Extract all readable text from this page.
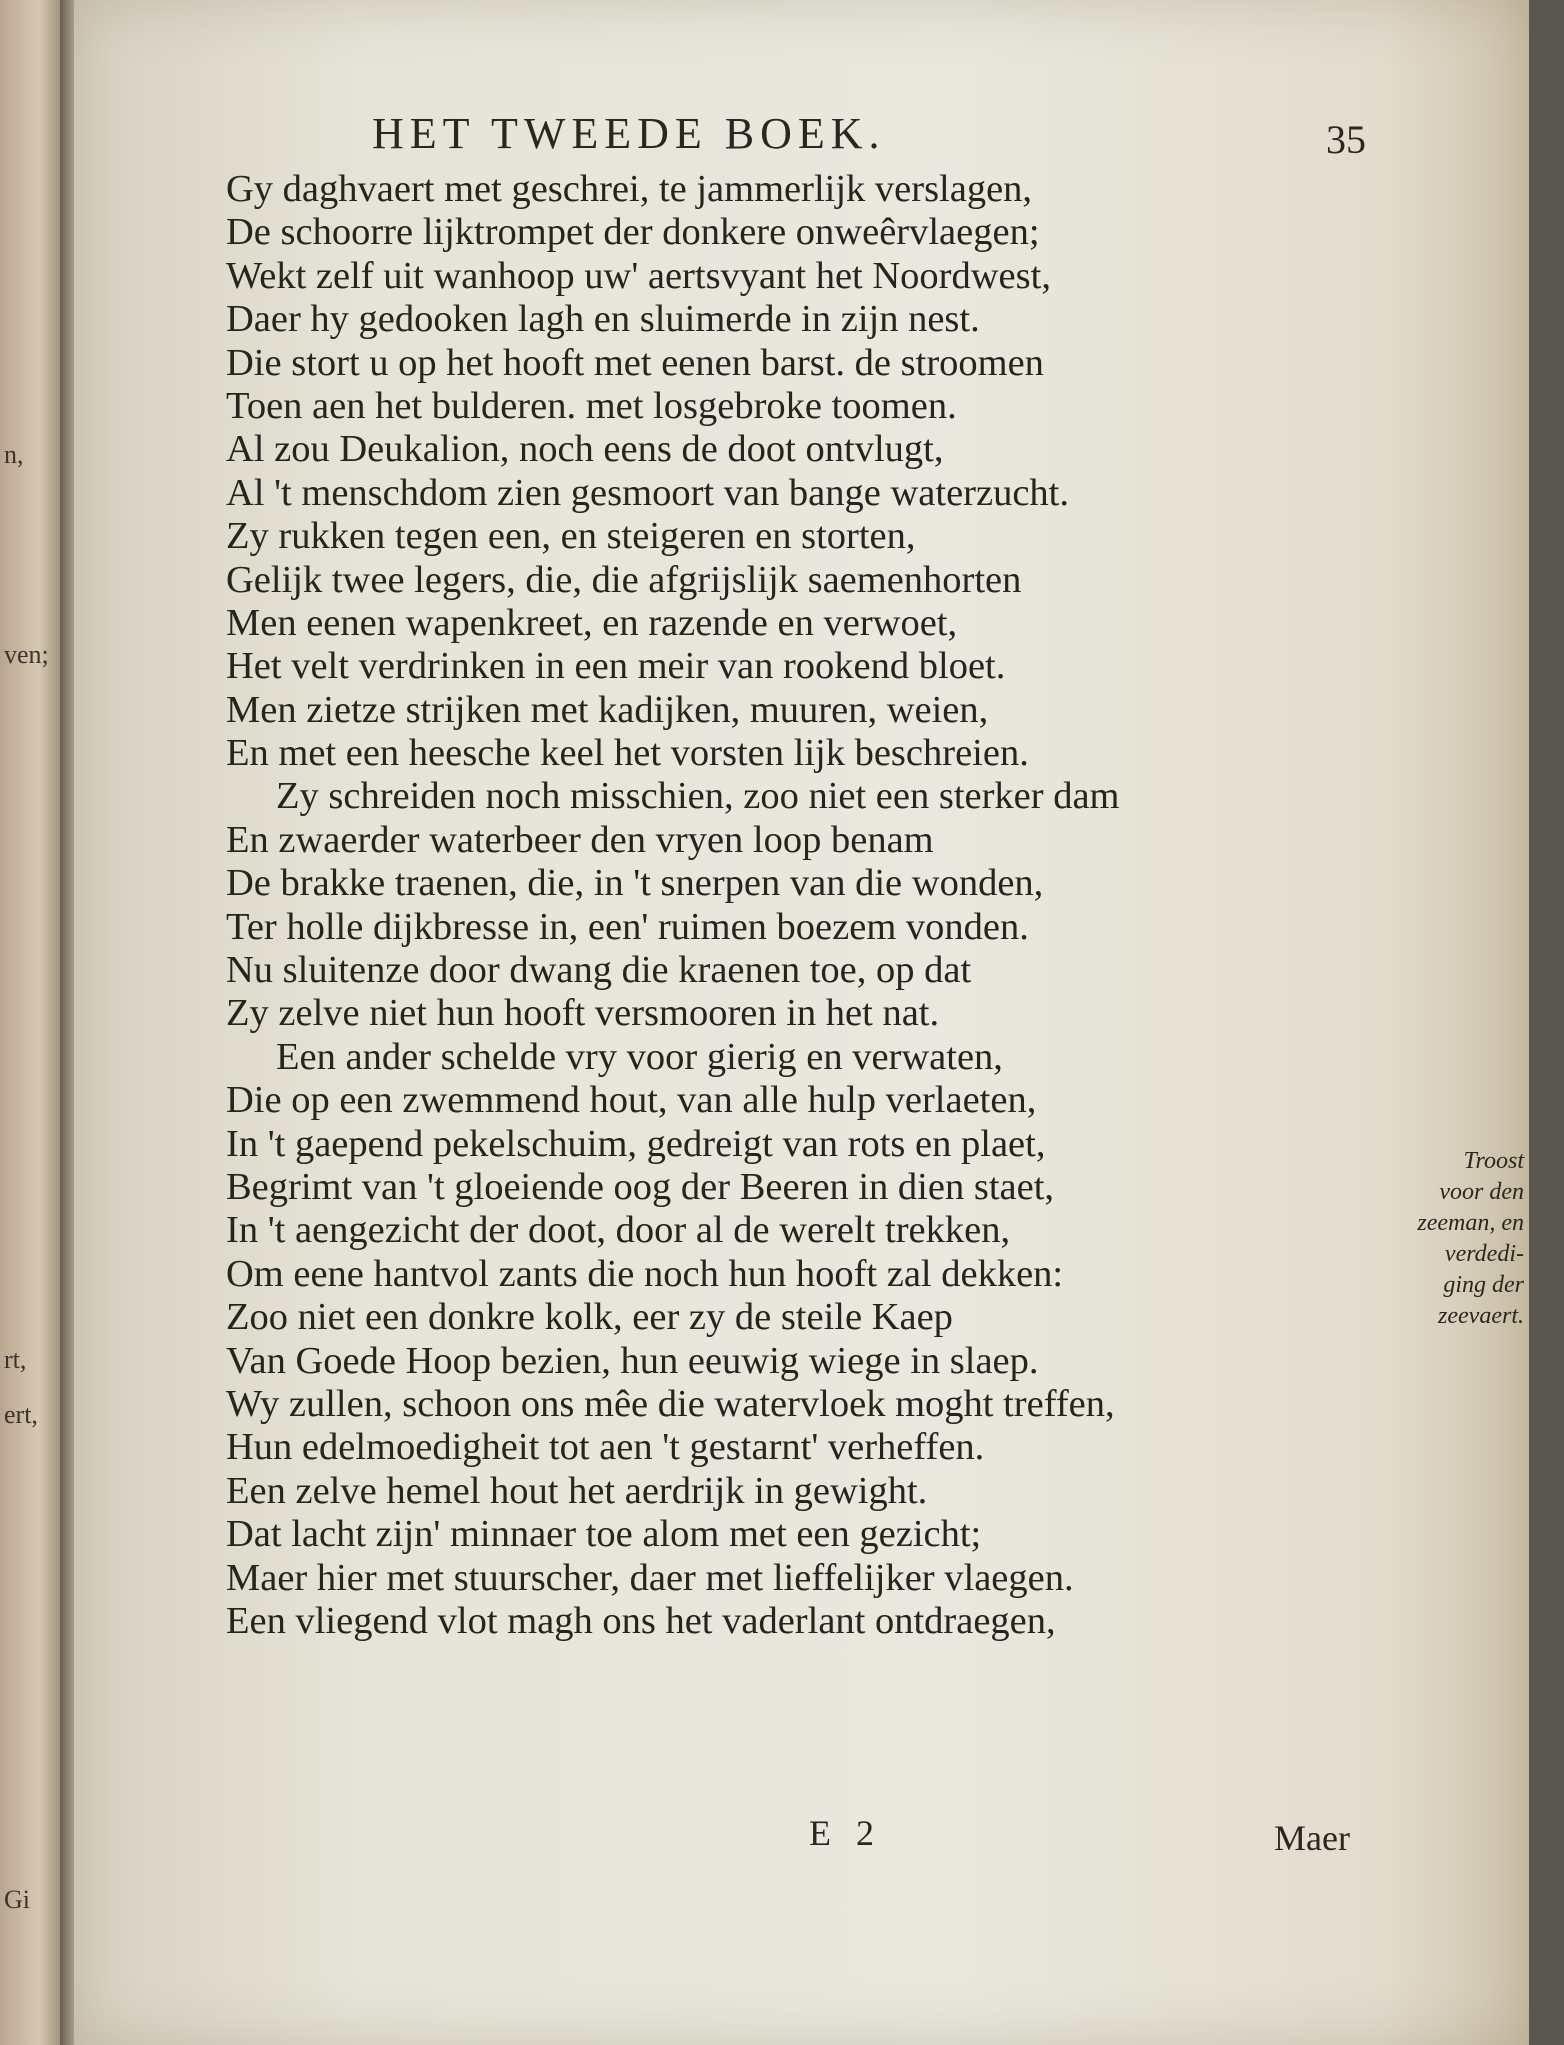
n,
ven;
rt,
ert,
Gi
HET TWEEDE BOEK.	35
Gy daghvaert met geschrei, te jammerlijk verslagen,
De schoorre lijktrompet der donkere onweêrvlaegen;
Wekt zelf uit wanhoop uw' aertsvyant het Noordwest,
Daer hy gedooken lagh en sluimerde in zijn nest.
Die stort u op het hooft met eenen barst. de stroomen
Toen aen het bulderen. met losgebroke toomen.
Al zou Deukalion, noch eens de doot ontvlugt,
Al 't menschdom zien gesmoort van bange waterzucht.
Zy rukken tegen een, en steigeren en storten,
Gelijk twee legers, die, die afgrijslijk saemenhorten
Men eenen wapenkreet, en razende en verwoet,
Het velt verdrinken in een meir van rookend bloet.
Men zietze strijken met kadijken, muuren, weien,
En met een heesche keel het vorsten lijk beschreien.
Zy schreiden noch misschien, zoo niet een sterker dam
En zwaerder waterbeer den vryen loop benam
De brakke traenen, die, in 't snerpen van die wonden,
Ter holle dijkbresse in, een' ruimen boezem vonden.
Nu sluitenze door dwang die kraenen toe, op dat
Zy zelve niet hun hooft versmooren in het nat.
Een ander schelde vry voor gierig en verwaten,
Die op een zwemmend hout, van alle hulp verlaeten,
In 't gaepend pekelschuim, gedreigt van rots en plaet,
Begrimt van 't gloeiende oog der Beeren in dien staet,
In 't aengezicht der doot, door al de werelt trekken,
Om eene hantvol zants die noch hun hooft zal dekken:
Zoo niet een donkre kolk, eer zy de steile Kaep
Van Goede Hoop bezien, hun eeuwig wiege in slaep.
Wy zullen, schoon ons mêe die watervloek moght treffen,
Hun edelmoedigheit tot aen 't gestarnt' verheffen.
Een zelve hemel hout het aerdrijk in gewight.
Dat lacht zijn' minnaer toe alom met een gezicht;
Maer hier met stuurscher, daer met lieffelijker vlaegen.
Een vliegend vlot magh ons het vaderlant ontdraegen,
Troost
voor den
zeeman, en
verdedi-
ging der
zeevaert.
E 2	Maer
